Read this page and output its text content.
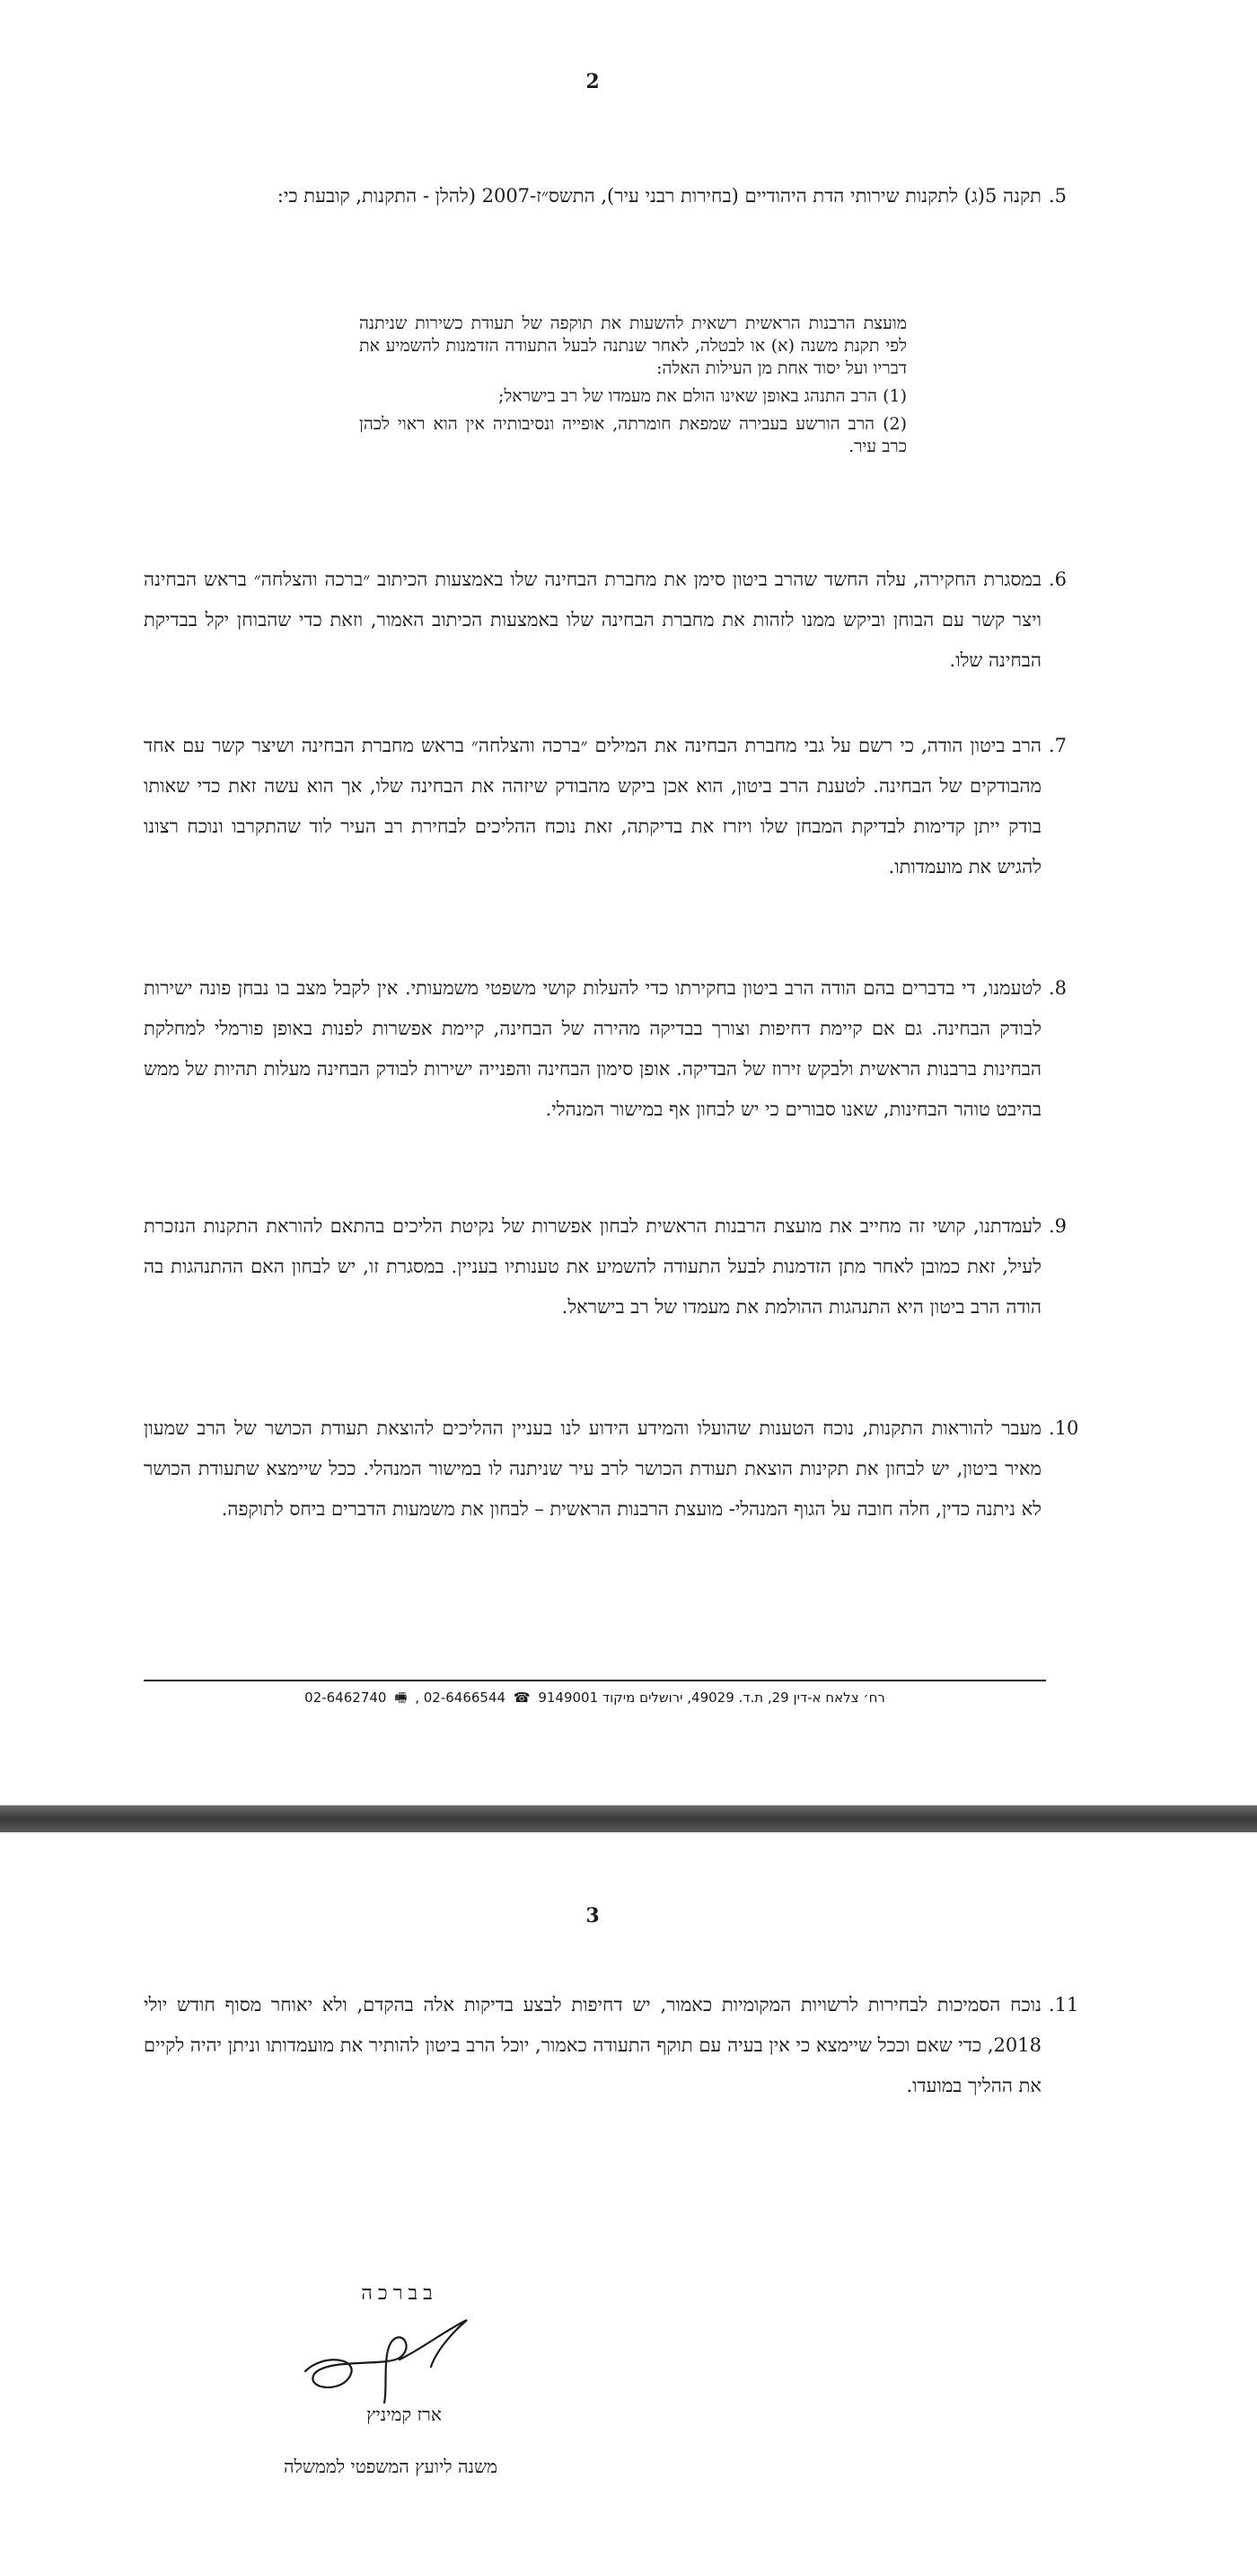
2
.5
תקנה 5(ג) לתקנות שירותי הדת היהודיים (בחירות רבני עיר), התשס״ז-2007 (להלן - התקנות, קובעת כי:

מועצת הרבנות הראשית רשאית להשעות את תוקפה של תעודת כשירות שניתנה לפי תקנת משנה (א) או לבטלה, לאחר שנתנה לבעל התעודה הזדמנות להשמיע את דבריו ועל יסוד אחת מן העילות האלה:

(1) הרב התנהג באופן שאינו הולם את מעמדו של רב בישראל;

(2) הרב הורשע בעבירה שמפאת חומרתה, אופייה ונסיבותיה אין הוא ראוי לכהן כרב עיר.

.6
במסגרת החקירה, עלה החשד שהרב ביטון סימן את מחברת הבחינה שלו באמצעות הכיתוב ״ברכה והצלחה״ בראש הבחינה ויצר קשר עם הבוחן וביקש ממנו לזהות את מחברת הבחינה שלו באמצעות הכיתוב האמור, וזאת כדי שהבוחן יקל בבדיקת הבחינה שלו.
.7
הרב ביטון הודה, כי רשם על גבי מחברת הבחינה את המילים ״ברכה והצלחה״ בראש מחברת הבחינה ושיצר קשר עם אחד מהבודקים של הבחינה. לטענת הרב ביטון, הוא אכן ביקש מהבודק שיזהה את הבחינה שלו, אך הוא עשה זאת כדי שאותו בודק ייתן קדימות לבדיקת המבחן שלו ויזרז את בדיקתה, זאת נוכח ההליכים לבחירת רב העיר לוד שהתקרבו ונוכח רצונו להגיש את מועמדותו.
.8
לטעמנו, די בדברים בהם הודה הרב ביטון בחקירתו כדי להעלות קושי משפטי משמעותי. אין לקבל מצב בו נבחן פונה ישירות לבודק הבחינה. גם אם קיימת דחיפות וצורך בבדיקה מהירה של הבחינה, קיימת אפשרות לפנות באופן פורמלי למחלקת הבחינות ברבנות הראשית ולבקש זירוז של הבדיקה. אופן סימון הבחינה והפנייה ישירות לבודק הבחינה מעלות תהיות של ממש בהיבט טוהר הבחינות, שאנו סבורים כי יש לבחון אף במישור המנהלי.
.9
לעמדתנו, קושי זה מחייב את מועצת הרבנות הראשית לבחון אפשרות של נקיטת הליכים בהתאם להוראת התקנות הנזכרת לעיל, זאת כמובן לאחר מתן הזדמנות לבעל התעודה להשמיע את טענותיו בעניין. במסגרת זו, יש לבחון האם ההתנהגות בה הודה הרב ביטון היא התנהגות ההולמת את מעמדו של רב בישראל.
.10
מעבר להוראות התקנות, נוכח הטענות שהועלו והמידע הידוע לנו בעניין ההליכים להוצאת תעודת הכושר של הרב שמעון מאיר ביטון, יש לבחון את תקינות הוצאת תעודת הכושר לרב עיר שניתנה לו במישור המנהלי. ככל שיימצא שתעודת הכושר לא ניתנה כדין, חלה חובה על הגוף המנהלי- מועצת הרבנות הראשית – לבחון את משמעות הדברים ביחס לתוקפה.
רח׳ צלאח א-דין 29, ת.ד. 49029, ירושלים מיקוד 9149001 ☎ 02-6466544 , 🖷 02-6462740
3
.11
נוכח הסמיכות לבחירות לרשויות המקומיות כאמור, יש דחיפות לבצע בדיקות אלה בהקדם, ולא יאוחר מסוף חודש יולי 2018, כדי שאם וככל שיימצא כי אין בעיה עם תוקף התעודה כאמור, יוכל הרב ביטון להותיר את מועמדותו וניתן יהיה לקיים את ההליך במועדו.
בברכה
ארז קמיניץ
משנה ליועץ המשפטי לממשלה
